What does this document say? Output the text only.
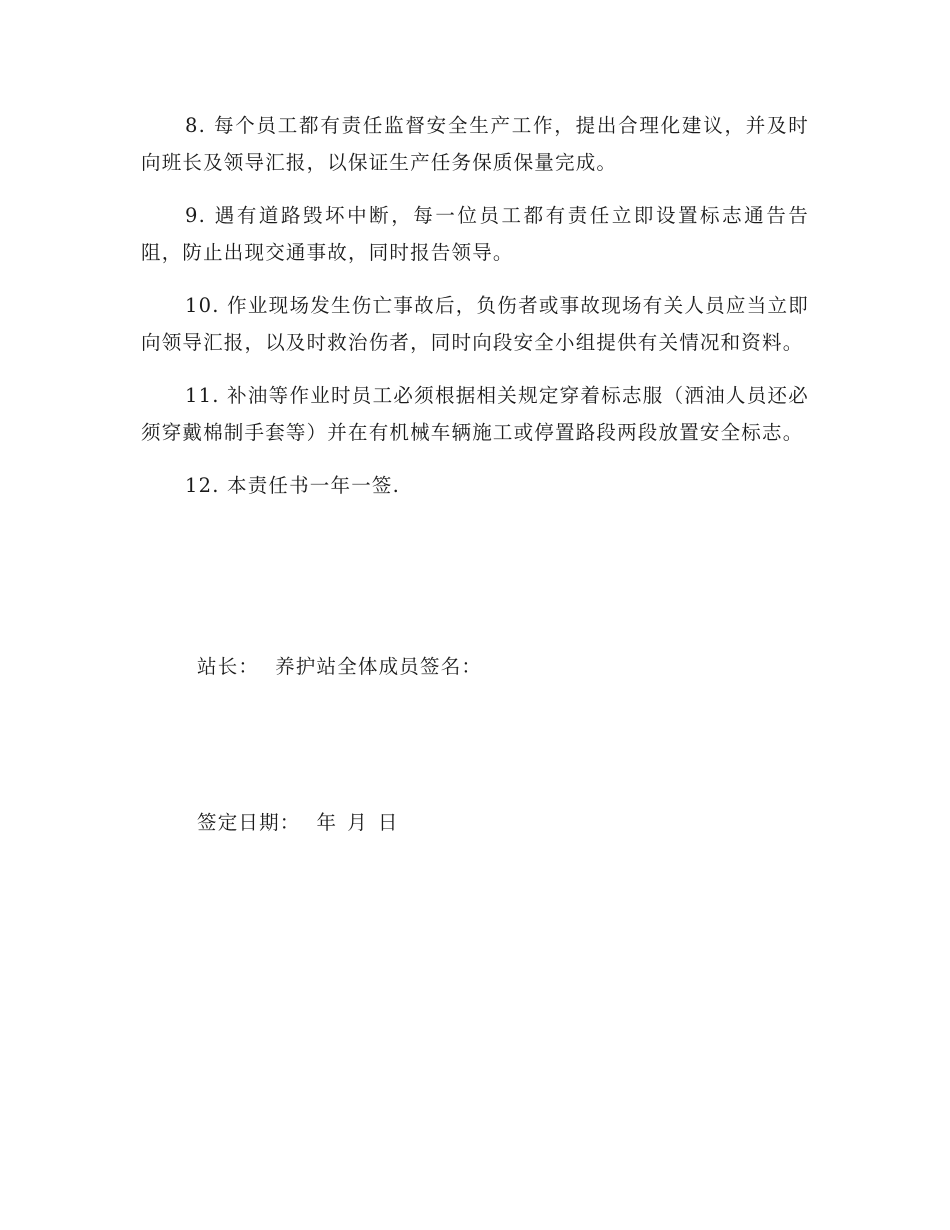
8. 每个员工都有责任监督安全生产工作，提出合理化建议，并及时向班长及领导汇报，以保证生产任务保质保量完成。

9. 遇有道路毁坏中断，每一位员工都有责任立即设置标志通告告阻，防止出现交通事故，同时报告领导。

10. 作业现场发生伤亡事故后，负伤者或事故现场有关人员应当立即向领导汇报，以及时救治伤者，同时向段安全小组提供有关情况和资料。

11. 补油等作业时员工必须根据相关规定穿着标志服（洒油人员还必须穿戴棉制手套等）并在有机械车辆施工或停置路段两段放置安全标志。

12. 本责任书一年一签.

站长： 养护站全体成员签名：
签定日期： 年 月 日
